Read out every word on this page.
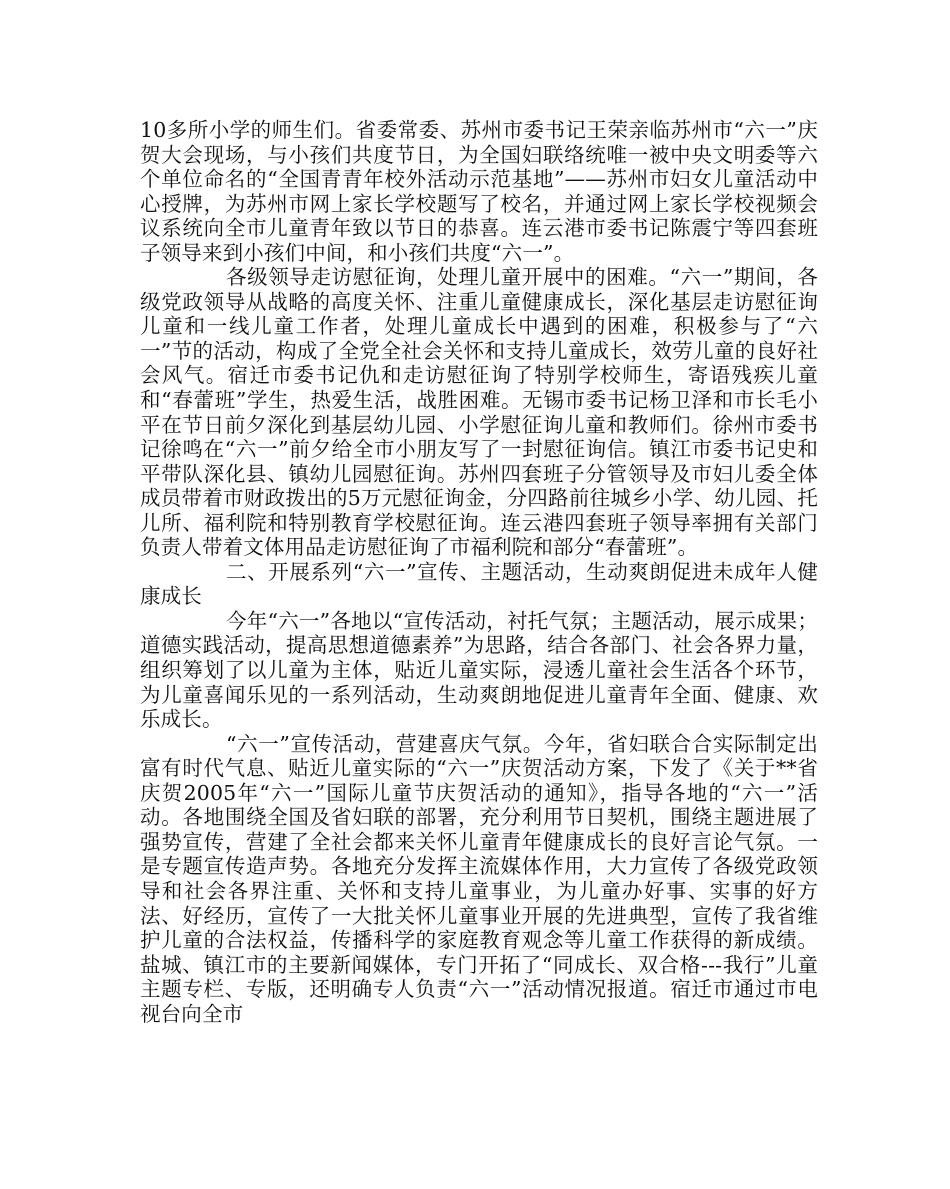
10多所小学的师生们。省委常委、苏州市委书记王荣亲临苏州市“六一”庆贺大会现场，与小孩们共度节日，为全国妇联络统唯一被中央文明委等六个单位命名的“全国青青年校外活动示范基地”——苏州市妇女儿童活动中心授牌，为苏州市网上家长学校题写了校名，并通过网上家长学校视频会议系统向全市儿童青年致以节日的恭喜。连云港市委书记陈震宁等四套班子领导来到小孩们中间，和小孩们共度“六一”。

各级领导走访慰征询，处理儿童开展中的困难。“六一”期间，各级党政领导从战略的高度关怀、注重儿童健康成长，深化基层走访慰征询儿童和一线儿童工作者，处理儿童成长中遇到的困难，积极参与了“六一”节的活动，构成了全党全社会关怀和支持儿童成长，效劳儿童的良好社会风气。宿迁市委书记仇和走访慰征询了特别学校师生，寄语残疾儿童和“春蕾班”学生，热爱生活，战胜困难。无锡市委书记杨卫泽和市长毛小平在节日前夕深化到基层幼儿园、小学慰征询儿童和教师们。徐州市委书记徐鸣在“六一”前夕给全市小朋友写了一封慰征询信。镇江市委书记史和平带队深化县、镇幼儿园慰征询。苏州四套班子分管领导及市妇儿委全体成员带着市财政拨出的5万元慰征询金，分四路前往城乡小学、幼儿园、托儿所、福利院和特别教育学校慰征询。连云港四套班子领导率拥有关部门负责人带着文体用品走访慰征询了市福利院和部分“春蕾班”。

二、开展系列“六一”宣传、主题活动，生动爽朗促进未成年人健康成长

今年“六一”各地以“宣传活动，衬托气氛；主题活动，展示成果；道德实践活动，提高思想道德素养”为思路，结合各部门、社会各界力量，组织筹划了以儿童为主体，贴近儿童实际，浸透儿童社会生活各个环节，为儿童喜闻乐见的一系列活动，生动爽朗地促进儿童青年全面、健康、欢乐成长。

“六一”宣传活动，营建喜庆气氛。今年，省妇联合合实际制定出富有时代气息、贴近儿童实际的“六一”庆贺活动方案，下发了《关于**省庆贺2005年“六一”国际儿童节庆贺活动的通知》，指导各地的“六一”活动。各地围绕全国及省妇联的部署，充分利用节日契机，围绕主题进展了强势宣传，营建了全社会都来关怀儿童青年健康成长的良好言论气氛。一是专题宣传造声势。各地充分发挥主流媒体作用，大力宣传了各级党政领导和社会各界注重、关怀和支持儿童事业，为儿童办好事、实事的好方法、好经历，宣传了一大批关怀儿童事业开展的先进典型，宣传了我省维护儿童的合法权益，传播科学的家庭教育观念等儿童工作获得的新成绩。盐城、镇江市的主要新闻媒体，专门开拓了“同成长、双合格---我行”儿童主题专栏、专版，还明确专人负责“六一”活动情况报道。宿迁市通过市电视台向全市
